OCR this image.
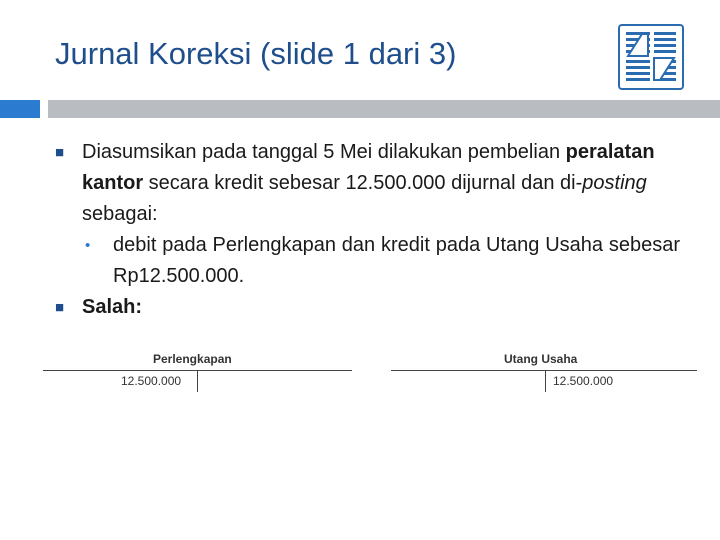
Jurnal Koreksi (slide 1 dari 3)
■ Diasumsikan pada tanggal 5 Mei dilakukan pembelian peralatan kantor secara kredit sebesar 12.500.000 dijurnal dan di-posting sebagai:
• debit pada Perlengkapan dan kredit pada Utang Usaha sebesar Rp12.500.000.
■ Salah:
Perlengkapan
12.500.000
Utang Usaha
12.500.000
